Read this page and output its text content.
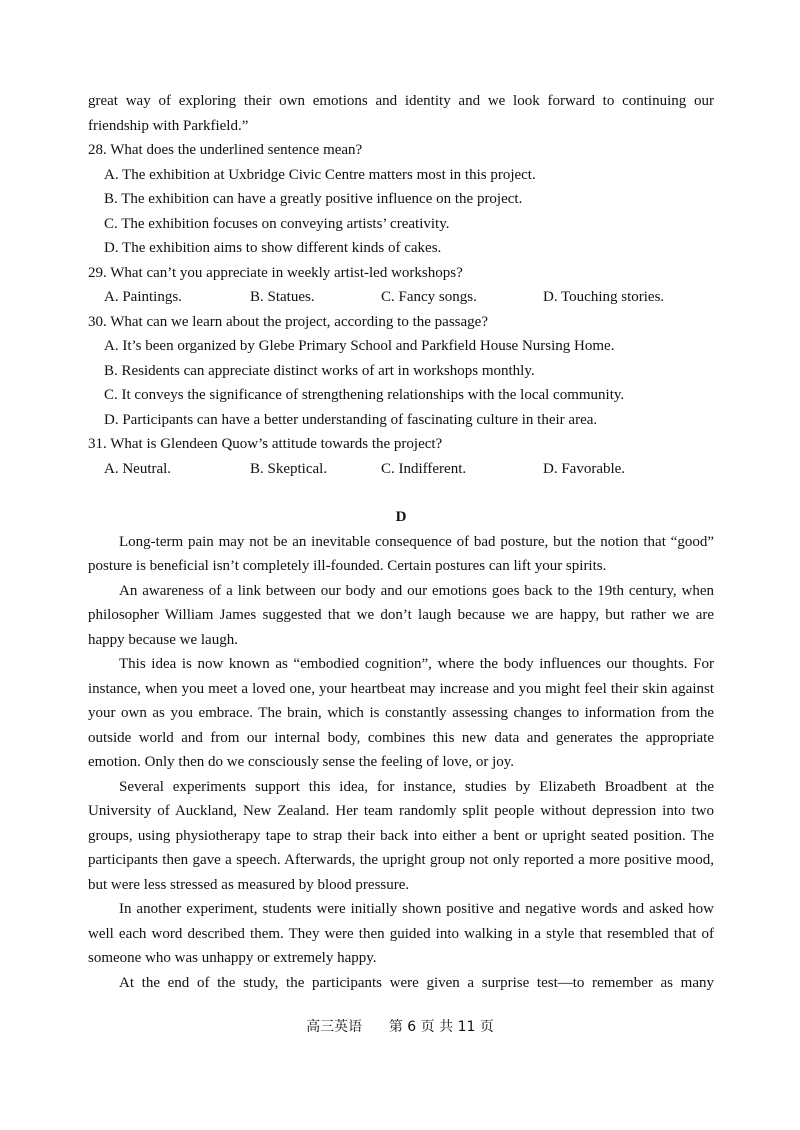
great way of exploring their own emotions and identity and we look forward to continuing our
friendship with Parkfield.”
28. What does the underlined sentence mean?
A. The exhibition at Uxbridge Civic Centre matters most in this project.
B. The exhibition can have a greatly positive influence on the project.
C. The exhibition focuses on conveying artists’ creativity.
D. The exhibition aims to show different kinds of cakes.
29. What can’t you appreciate in weekly artist-led workshops?
A. Paintings.	B. Statues.	C. Fancy songs.	D. Touching stories.
30. What can we learn about the project, according to the passage?
A. It’s been organized by Glebe Primary School and Parkfield House Nursing Home.
B. Residents can appreciate distinct works of art in workshops monthly.
C. It conveys the significance of strengthening relationships with the local community.
D. Participants can have a better understanding of fascinating culture in their area.
31. What is Glendeen Quow’s attitude towards the project?
A. Neutral.	B. Skeptical.	C. Indifferent.	D. Favorable.
D

Long-term pain may not be an inevitable consequence of bad posture, but the notion that “good” posture is beneficial isn’t completely ill-founded. Certain postures can lift your spirits.

An awareness of a link between our body and our emotions goes back to the 19th century, when philosopher William James suggested that we don’t laugh because we are happy, but rather we are happy because we laugh.

This idea is now known as “embodied cognition”, where the body influences our thoughts. For instance, when you meet a loved one, your heartbeat may increase and you might feel their skin against your own as you embrace. The brain, which is constantly assessing changes to information from the outside world and from our internal body, combines this new data and generates the appropriate emotion. Only then do we consciously sense the feeling of love, or joy.

Several experiments support this idea, for instance, studies by Elizabeth Broadbent at the University of Auckland, New Zealand. Her team randomly split people without depression into two groups, using physiotherapy tape to strap their back into either a bent or upright seated position. The participants then gave a speech. Afterwards, the upright group not only reported a more positive mood, but were less stressed as measured by blood pressure.

In another experiment, students were initially shown positive and negative words and asked how well each word described them. They were then guided into walking in a style that resembled that of someone who was unhappy or extremely happy.

At the end of the study, the participants were given a surprise test—to remember as many

高三英语      第 6 页 共 11 页
